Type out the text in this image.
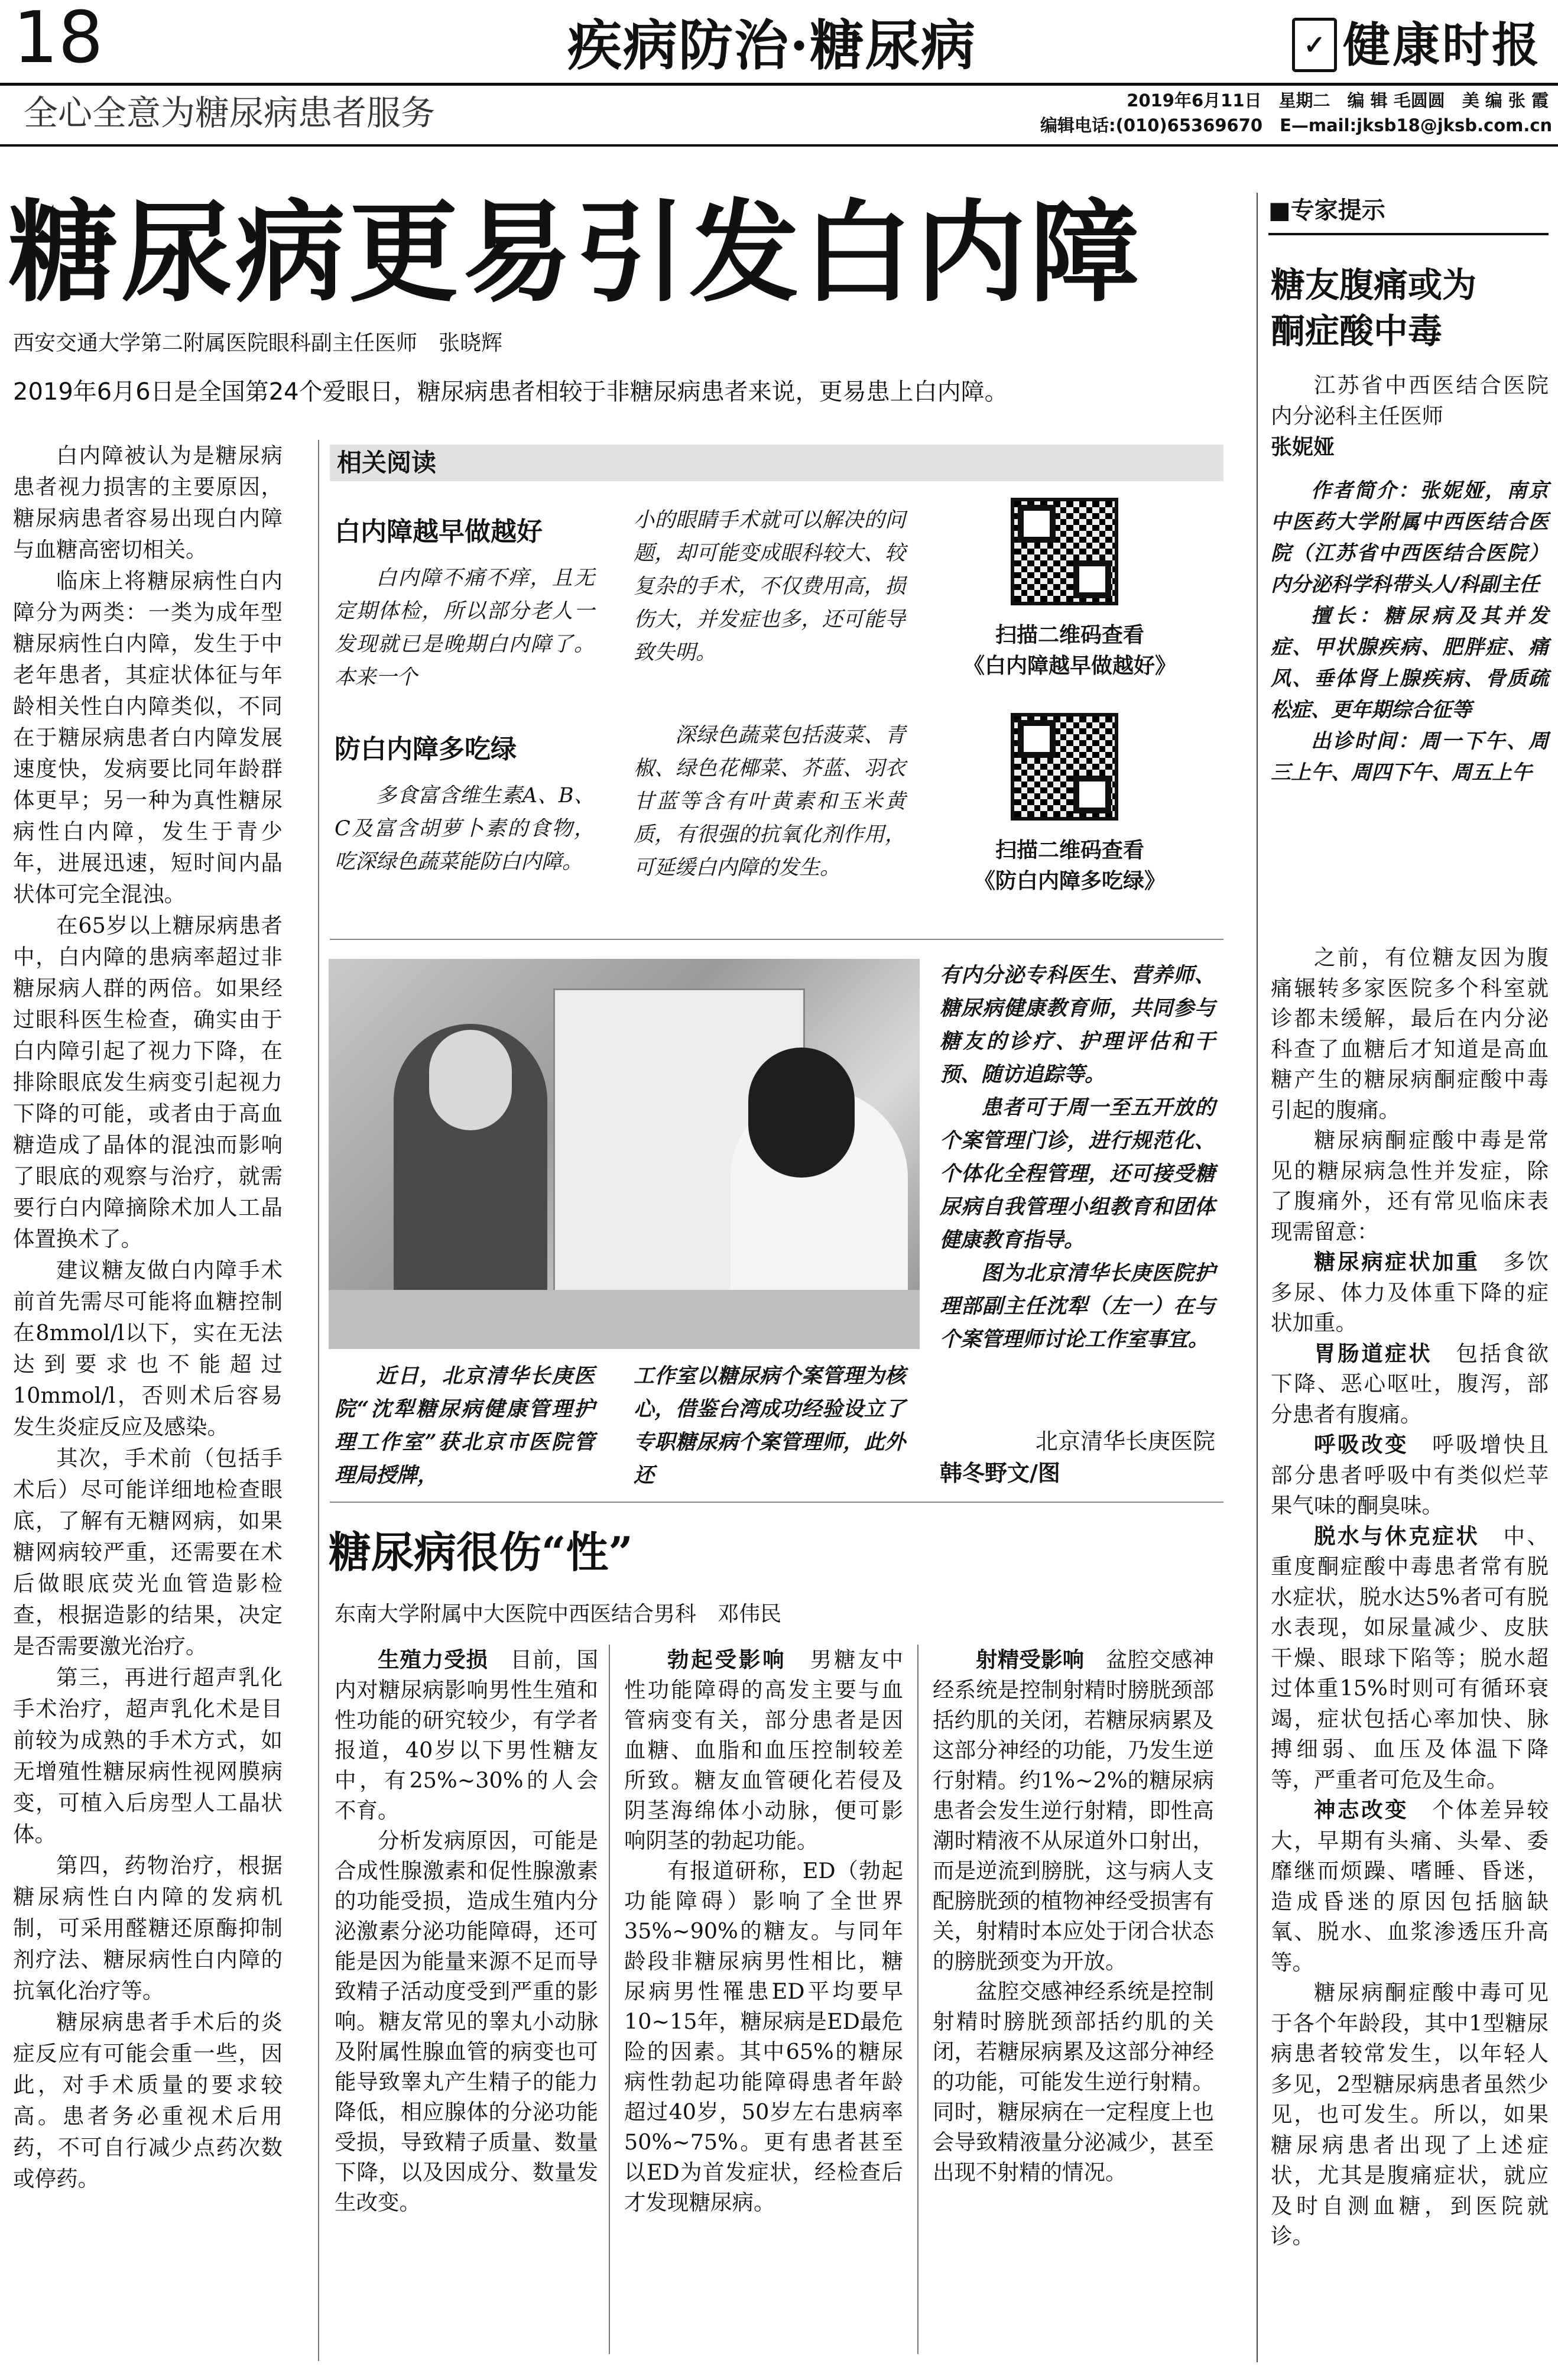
18	疾病防治·糖尿病	✓ 健康时报
全心全意为糖尿病患者服务	2019年6月11日　星期二　编 辑 毛圆圆　美 编 张 霞
编辑电话:(010)65369670　E—mail:jksb18@jksb.com.cn
糖尿病更易引发白内障
西安交通大学第二附属医院眼科副主任医师　张晓辉
2019年6月6日是全国第24个爱眼日，糖尿病患者相较于非糖尿病患者来说，更易患上白内障。

白内障被认为是糖尿病患者视力损害的主要原因，糖尿病患者容易出现白内障与血糖高密切相关。

临床上将糖尿病性白内障分为两类：一类为成年型糖尿病性白内障，发生于中老年患者，其症状体征与年龄相关性白内障类似，不同在于糖尿病患者白内障发展速度快，发病要比同年龄群体更早；另一种为真性糖尿病性白内障，发生于青少年，进展迅速，短时间内晶状体可完全混浊。

在65岁以上糖尿病患者中，白内障的患病率超过非糖尿病人群的两倍。如果经过眼科医生检查，确实由于白内障引起了视力下降，在排除眼底发生病变引起视力下降的可能，或者由于高血糖造成了晶体的混浊而影响了眼底的观察与治疗，就需要行白内障摘除术加人工晶体置换术了。

建议糖友做白内障手术前首先需尽可能将血糖控制在8mmol/l以下，实在无法达到要求也不能超过10mmol/l，否则术后容易发生炎症反应及感染。

其次，手术前（包括手术后）尽可能详细地检查眼底，了解有无糖网病，如果糖网病较严重，还需要在术后做眼底荧光血管造影检查，根据造影的结果，决定是否需要激光治疗。

第三，再进行超声乳化手术治疗，超声乳化术是目前较为成熟的手术方式，如无增殖性糖尿病性视网膜病变，可植入后房型人工晶状体。

第四，药物治疗，根据糖尿病性白内障的发病机制，可采用醛糖还原酶抑制剂疗法、糖尿病性白内障的抗氧化治疗等。

糖尿病患者手术后的炎症反应有可能会重一些，因此，对手术质量的要求较高。患者务必重视术后用药，不可自行减少点药次数或停药。

相关阅读
白内障越早做越好

白内障不痛不痒，且无定期体检，所以部分老人一发现就已是晚期白内障了。本来一个

小的眼睛手术就可以解决的问题，却可能变成眼科较大、较复杂的手术，不仅费用高，损伤大，并发症也多，还可能导致失明。

扫描二维码查看
《白内障越早做越好》
防白内障多吃绿

多食富含维生素A、B、C及富含胡萝卜素的食物，吃深绿色蔬菜能防白内障。

深绿色蔬菜包括菠菜、青椒、绿色花椰菜、芥蓝、羽衣甘蓝等含有叶黄素和玉米黄质，有很强的抗氧化剂作用，可延缓白内障的发生。

扫描二维码查看
《防白内障多吃绿》

近日，北京清华长庚医院“沈犁糖尿病健康管理护理工作室”获北京市医院管理局授牌，

工作室以糖尿病个案管理为核心，借鉴台湾成功经验设立了专职糖尿病个案管理师，此外还

有内分泌专科医生、营养师、糖尿病健康教育师，共同参与糖友的诊疗、护理评估和干预、随访追踪等。

患者可于周一至五开放的个案管理门诊，进行规范化、个体化全程管理，还可接受糖尿病自我管理小组教育和团体健康教育指导。

图为北京清华长庚医院护理部副主任沈犁（左一）在与个案管理师讨论工作室事宜。

北京清华长庚医院
韩冬野文/图
糖尿病很伤“性”
东南大学附属中大医院中西医结合男科　邓伟民

生殖力受损　 目前，国内对糖尿病影响男性生殖和性功能的研究较少，有学者报道，40岁以下男性糖友中，有25%~30%的人会不育。

分析发病原因，可能是合成性腺激素和促性腺激素的功能受损，造成生殖内分泌激素分泌功能障碍，还可能是因为能量来源不足而导致精子活动度受到严重的影响。糖友常见的睾丸小动脉及附属性腺血管的病变也可能导致睾丸产生精子的能力降低，相应腺体的分泌功能受损，导致精子质量、数量下降，以及因成分、数量发生改变。

勃起受影响　 男糖友中性功能障碍的高发主要与血管病变有关，部分患者是因血糖、血脂和血压控制较差所致。糖友血管硬化若侵及阴茎海绵体小动脉，便可影响阴茎的勃起功能。

有报道研称，ED（勃起功能障碍）影响了全世界35%~90%的糖友。与同年龄段非糖尿病男性相比，糖尿病男性罹患ED平均要早10~15年，糖尿病是ED最危险的因素。其中65%的糖尿病性勃起功能障碍患者年龄超过40岁，50岁左右患病率50%~75%。更有患者甚至以ED为首发症状，经检查后才发现糖尿病。

射精受影响　 盆腔交感神经系统是控制射精时膀胱颈部括约肌的关闭，若糖尿病累及这部分神经的功能，乃发生逆行射精。约1%~2%的糖尿病患者会发生逆行射精，即性高潮时精液不从尿道外口射出，而是逆流到膀胱，这与病人支配膀胱颈的植物神经受损害有关，射精时本应处于闭合状态的膀胱颈变为开放。

盆腔交感神经系统是控制射精时膀胱颈部括约肌的关闭，若糖尿病累及这部分神经的功能，可能发生逆行射精。同时，糖尿病在一定程度上也会导致精液量分泌减少，甚至出现不射精的情况。

■专家提示
糖友腹痛或为
酮症酸中毒
江苏省中西医结合医院内分泌科主任医师
张妮娅

作者简介：张妮娅，南京中医药大学附属中西医结合医院（江苏省中西医结合医院）内分泌科学科带头人/科副主任

擅长：糖尿病及其并发症、甲状腺疾病、肥胖症、痛风、垂体肾上腺疾病、骨质疏松症、更年期综合征等

出诊时间：周一下午、周三上午、周四下午、周五上午

之前，有位糖友因为腹痛辗转多家医院多个科室就诊都未缓解，最后在内分泌科查了血糖后才知道是高血糖产生的糖尿病酮症酸中毒引起的腹痛。

糖尿病酮症酸中毒是常见的糖尿病急性并发症，除了腹痛外，还有常见临床表现需留意：

糖尿病症状加重　 多饮多尿、体力及体重下降的症状加重。

胃肠道症状　 包括食欲下降、恶心呕吐，腹泻，部分患者有腹痛。

呼吸改变　 呼吸增快且部分患者呼吸中有类似烂苹果气味的酮臭味。

脱水与休克症状　 中、重度酮症酸中毒患者常有脱水症状，脱水达5%者可有脱水表现，如尿量减少、皮肤干燥、眼球下陷等；脱水超过体重15%时则可有循环衰竭，症状包括心率加快、脉搏细弱、血压及体温下降等，严重者可危及生命。

神志改变　 个体差异较大，早期有头痛、头晕、委靡继而烦躁、嗜睡、昏迷，造成昏迷的原因包括脑缺氧、脱水、血浆渗透压升高等。

糖尿病酮症酸中毒可见于各个年龄段，其中1型糖尿病患者较常发生，以年轻人多见，2型糖尿病患者虽然少见，也可发生。所以，如果糖尿病患者出现了上述症状，尤其是腹痛症状，就应及时自测血糖，到医院就诊。
